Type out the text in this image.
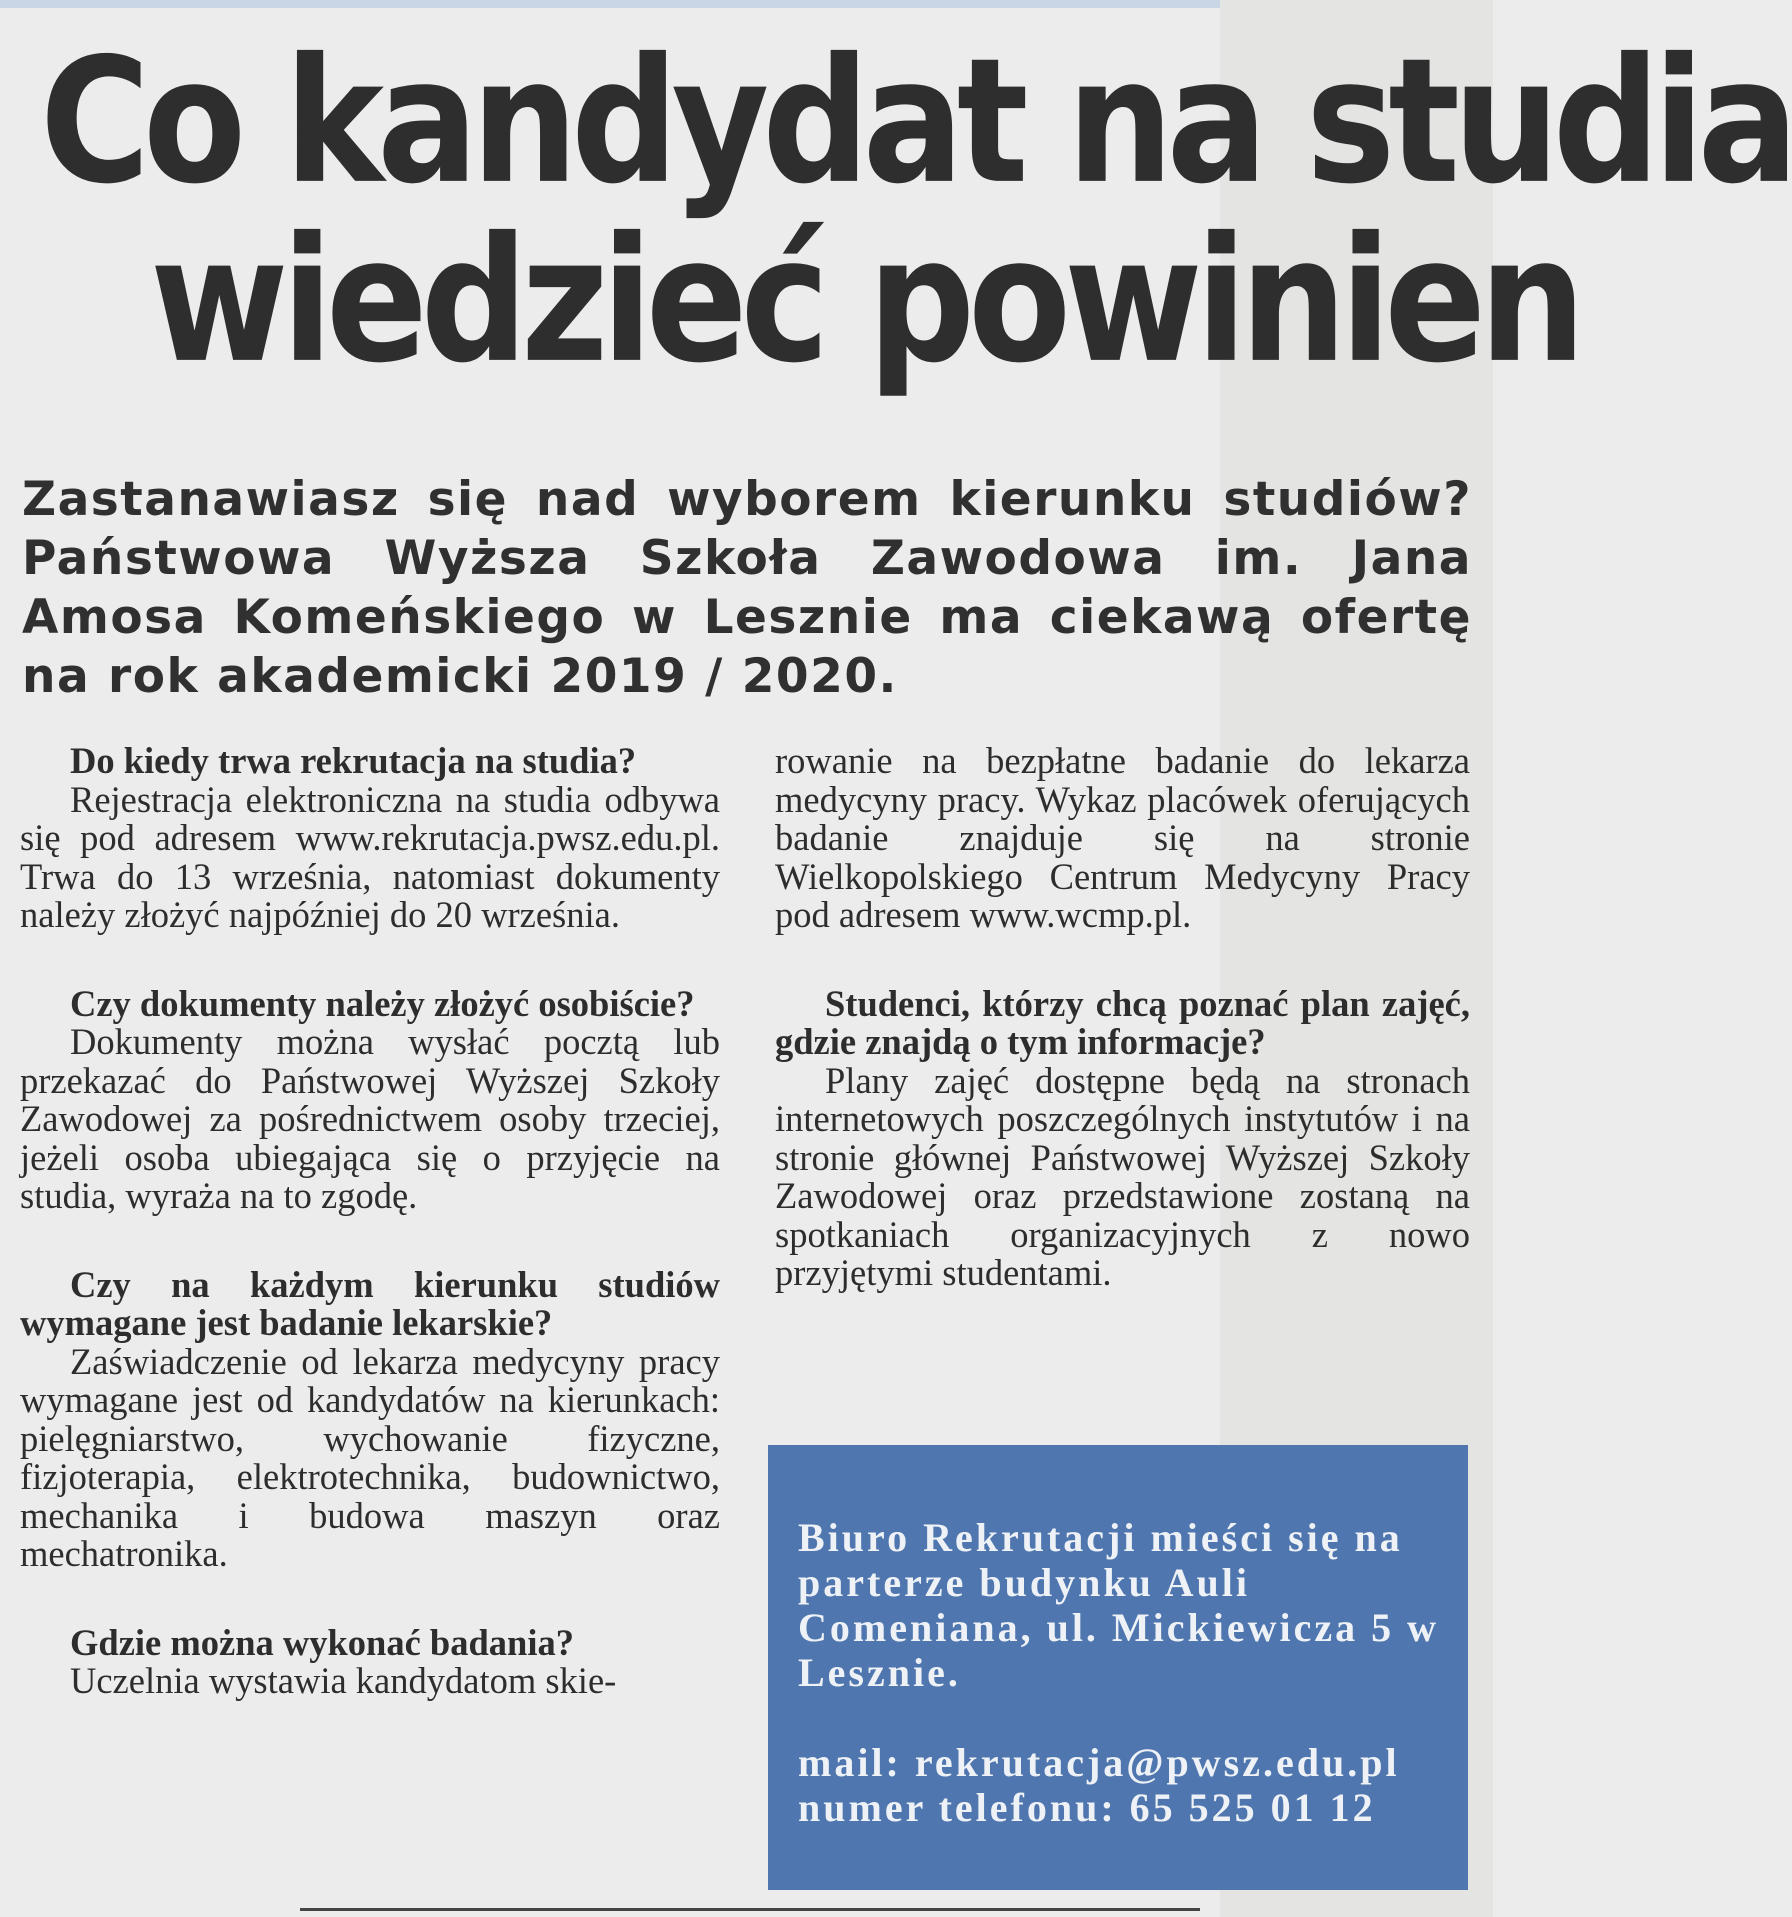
Co kandydat na studia
wiedzieć powinien

Zastanawiasz się nad wyborem kierunku studiów? Państwowa Wyższa Szkoła Zawodowa im. Jana Amosa Komeńskiego w Lesznie ma ciekawą ofertę na rok akademicki 2019 / 2020.

Do kiedy trwa rekrutacja na studia?

Rejestracja elektroniczna na studia odbywa się pod adresem www.rekrutacja.pwsz.edu.pl. Trwa do 13 września, natomiast dokumenty należy złożyć najpóźniej do 20 września.

Czy dokumenty należy złożyć osobiście?

Dokumenty można wysłać pocztą lub przekazać do Państwowej Wyższej Szkoły Zawodowej za pośrednictwem osoby trzeciej, jeżeli osoba ubiegająca się o przyjęcie na studia, wyraża na to zgodę.

Czy na każdym kierunku studiów wymagane jest badanie lekarskie?

Zaświadczenie od lekarza medycyny pracy wymagane jest od kandydatów na kierunkach: pielęgniarstwo, wychowanie fizyczne, fizjoterapia, elektrotechnika, budownictwo, mechanika i budowa maszyn oraz mechatronika.

Gdzie można wykonać badania?

Uczelnia wystawia kandydatom skie-

rowanie na bezpłatne badanie do lekarza medycyny pracy. Wykaz placówek oferujących badanie znajduje się na stronie Wielkopolskiego Centrum Medycyny Pracy pod adresem www.wcmp.pl.

Studenci, którzy chcą poznać plan zajęć, gdzie znajdą o tym informacje?

Plany zajęć dostępne będą na stronach internetowych poszczególnych instytutów i na stronie głównej Państwowej Wyższej Szkoły Zawodowej oraz przedstawione zostaną na spotkaniach organizacyjnych z nowo przyjętymi studentami.

Biuro Rekrutacji mieści się na parterze budynku Auli Comeniana, ul. Mickiewicza 5 w Lesznie.

mail: rekrutacja@pwsz.edu.pl

numer telefonu: 65 525 01 12
